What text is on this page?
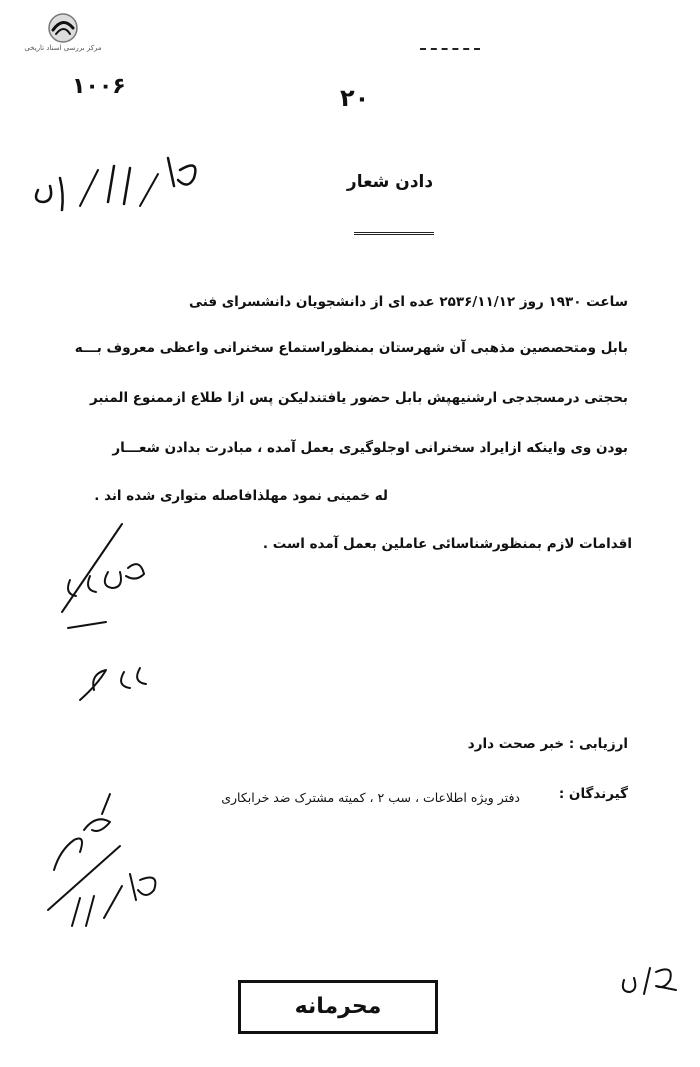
مرکز بررسی اسناد تاریخی
۱۰۰۶	۲۰
دادن شعار
ساعت ۱۹۳۰ روز ۲۵۳۶/۱۱/۱۲ عده ای از دانشجویان دانشسرای فنی
بابل ومتحصصین مذهبی آن شهرستان بمنظوراستماع سخنرانی واعظی معروف بـــه
بحجتی درمسجدجی ارشنیهپش بابل حضور یافتندلیکن پس ازا طلاع ازممنوع المنبر
بودن وی واینکه ازایراد سخنرانی اوجلوگیری بعمل آمده ، مبادرت بدادن شعـــار
له خمینی نمود مهلذافاصله متواری شده اند .
اقدامات لازم بمنظورشناسائی عاملین بعمل آمده است .
ارزیابی : خبر صحت دارد
گیرندگان :
دفتر ویژه اطلاعات ، سب ۲ ، کمیته مشترک ضد خرابکاری
محرمانه
